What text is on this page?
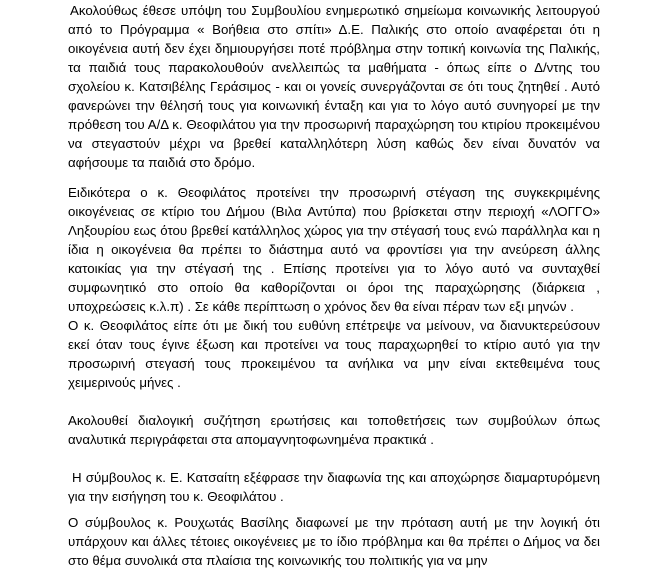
Ακολούθως έθεσε υπόψη του Συμβουλίου ενημερωτικό σημείωμα κοινωνικής λειτουργού από το Πρόγραμμα « Βοήθεια στο σπίτι» Δ.Ε. Παλικής στο οποίο αναφέρεται ότι η οικογένεια αυτή δεν έχει δημιουργήσει ποτέ πρόβλημα στην τοπική κοινωνία της Παλικής, τα παιδιά τους παρακολουθούν ανελλειπώς τα μαθήματα - όπως είπε ο Δ/ντης του σχολείου κ. Κατσιβέλης Γεράσιμος - και οι γονείς συνεργάζονται σε ότι τους ζητηθεί . Αυτό φανερώνει την θέλησή τους για κοινωνική ένταξη και για το λόγο αυτό συνηγορεί με την πρόθεση του Α/Δ κ. Θεοφιλάτου για την προσωρινή παραχώρηση του κτιρίου προκειμένου να στεγαστούν μέχρι να βρεθεί καταλληλότερη λύση καθώς δεν είναι δυνατόν να αφήσουμε τα παιδιά στο δρόμο.

Ειδικότερα ο κ. Θεοφιλάτος προτείνει την προσωρινή στέγαση της συγκεκριμένης οικογένειας σε κτίριο του Δήμου (Βιλα Αντύπα) που βρίσκεται στην περιοχή «ΛΟΓΓΟ» Ληξουρίου εως ότου βρεθεί κατάλληλος χώρος για την στέγασή τους ενώ παράλληλα και η ίδια η οικογένεια θα πρέπει το διάστημα αυτό να φροντίσει για την ανεύρεση άλλης κατοικίας για την στέγασή της . Επίσης προτείνει για το λόγο αυτό να συνταχθεί συμφωνητικό στο οποίο θα καθορίζονται οι όροι της παραχώρησης (διάρκεια , υποχρεώσεις κ.λ.π) . Σε κάθε περίπτωση ο χρόνος δεν θα είναι πέραν των εξι μηνών .

Ο κ. Θεοφιλάτος είπε ότι με δική του ευθύνη επέτρεψε να μείνουν, να διανυκτερεύσουν εκεί όταν τους έγινε έξωση και προτείνει να τους παραχωρηθεί το κτίριο αυτό για την προσωρινή στεγασή τους προκειμένου τα ανήλικα να μην είναι εκτεθειμένα τους χειμερινούς μήνες .

Ακολουθεί διαλογική συζήτηση ερωτήσεις και τοποθετήσεις των συμβούλων όπως αναλυτικά περιγράφεται στα απομαγνητοφωνημένα πρακτικά .

Η σύμβουλος κ. Ε. Κατσαίτη εξέφρασε την διαφωνία της και αποχώρησε διαμαρτυρόμενη για την εισήγηση του κ. Θεοφιλάτου .

Ο σύμβουλος κ. Ρουχωτάς Βασίλης διαφωνεί με την πρόταση αυτή με την λογική ότι υπάρχουν και άλλες τέτοιες οικογένειες με το ίδιο πρόβλημα και θα πρέπει ο Δήμος να δει στο θέμα συνολικά στα πλαίσια της κοινωνικής του πολιτικής για να μην
